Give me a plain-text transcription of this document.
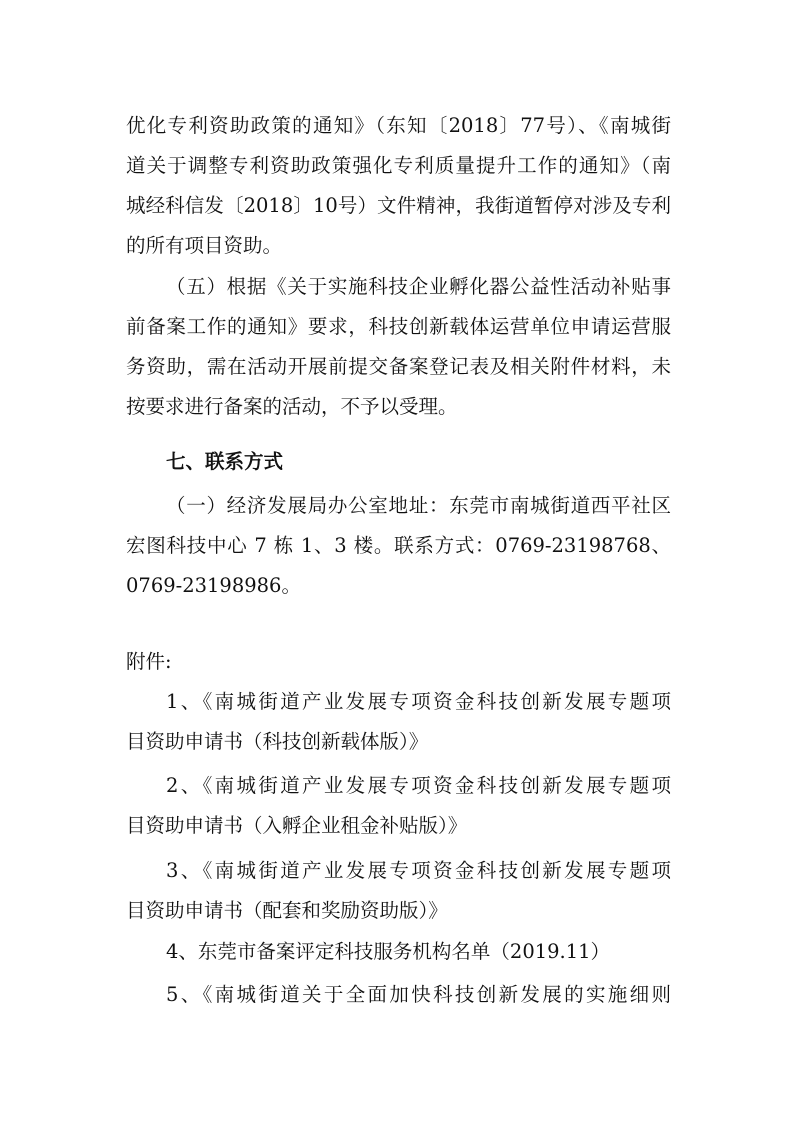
优化专利资助政策的通知》（东知〔2018〕77号）、《南城街
道关于调整专利资助政策强化专利质量提升工作的通知》（南
城经科信发〔2018〕10号）文件精神，我街道暂停对涉及专利
的所有项目资助。
（五）根据《关于实施科技企业孵化器公益性活动补贴事
前备案工作的通知》要求，科技创新载体运营单位申请运营服
务资助，需在活动开展前提交备案登记表及相关附件材料，未
按要求进行备案的活动，不予以受理。
七、联系方式
（一）经济发展局办公室地址：东莞市南城街道西平社区
宏图科技中心 7 栋 1、3 楼。联系方式：0769-23198768、
0769-23198986。
附件:
1、《南城街道产业发展专项资金科技创新发展专题项
目资助申请书（科技创新载体版）》
2、《南城街道产业发展专项资金科技创新发展专题项
目资助申请书（入孵企业租金补贴版）》
3、《南城街道产业发展专项资金科技创新发展专题项
目资助申请书（配套和奖励资助版）》
4、东莞市备案评定科技服务机构名单（2019.11）
5、《南城街道关于全面加快科技创新发展的实施细则
